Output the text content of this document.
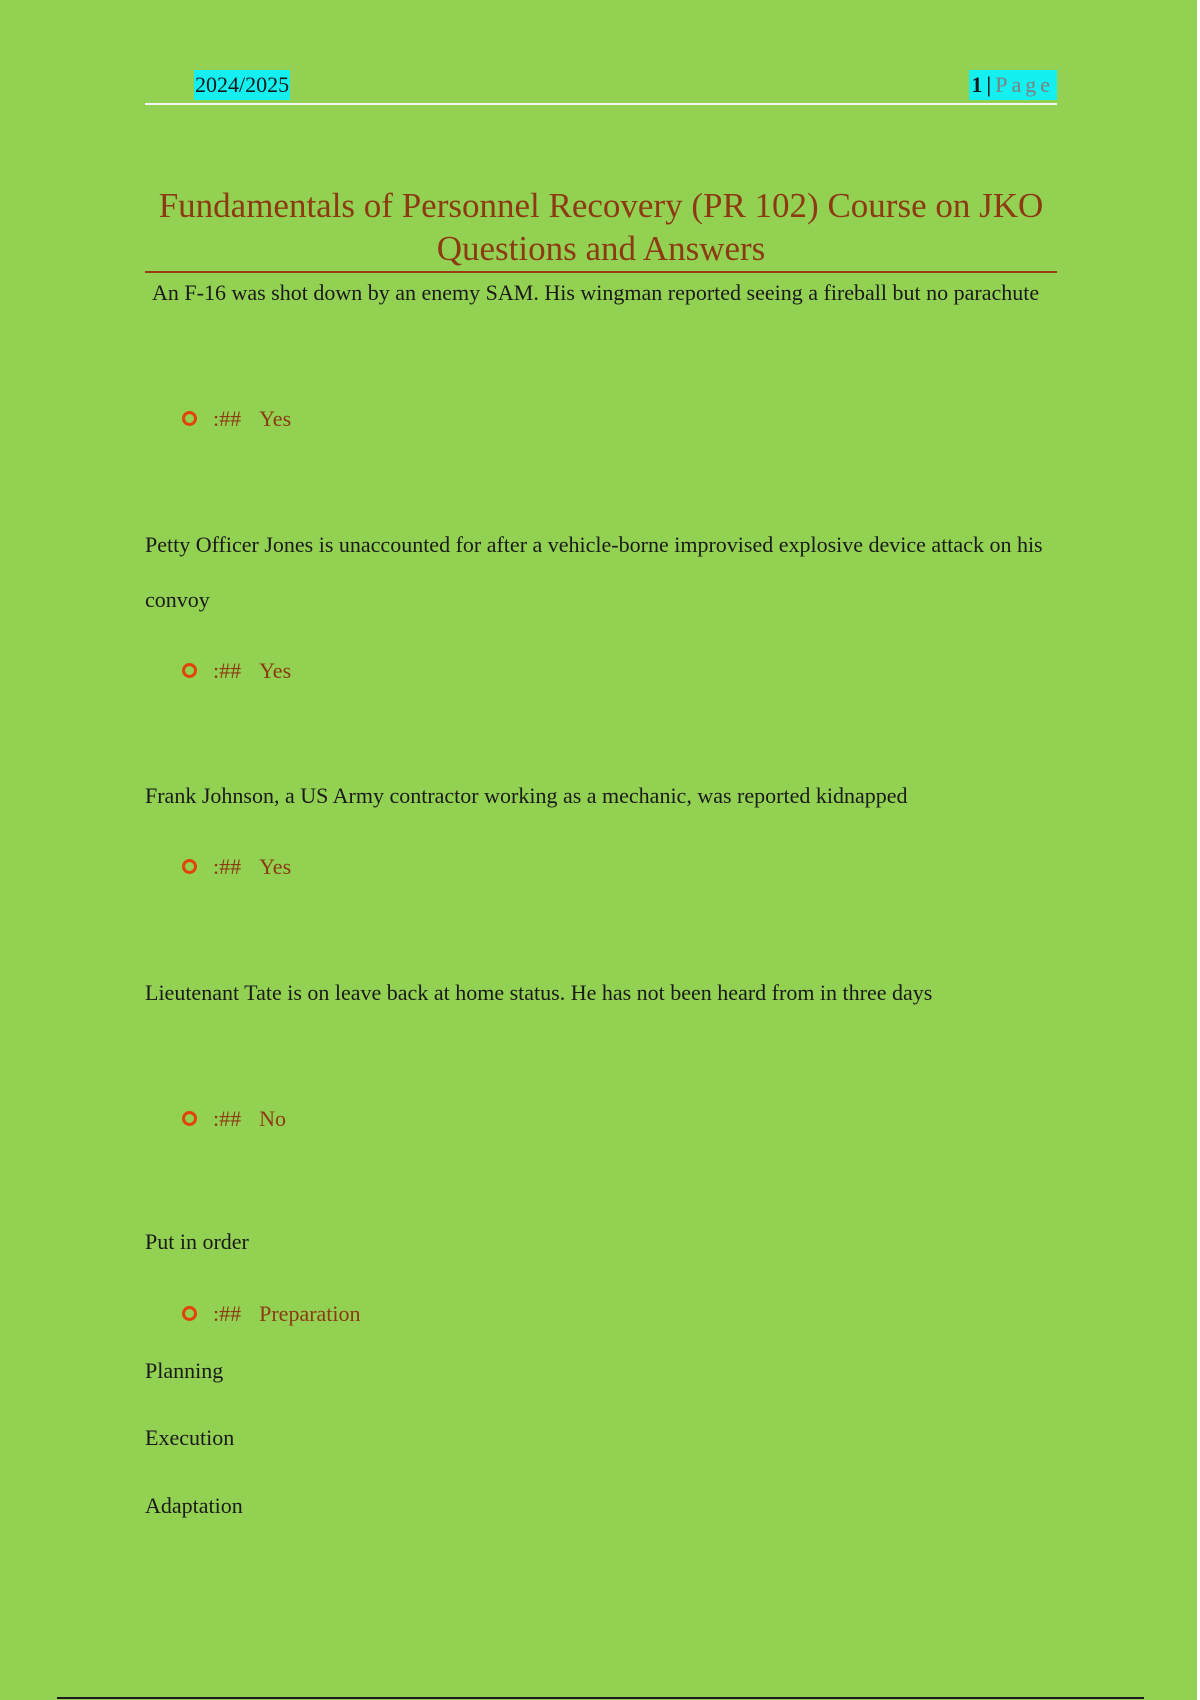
2024/2025	1 | Page
Fundamentals of Personnel Recovery (PR 102) Course on JKO Questions and Answers

An F-16 was shot down by an enemy SAM. His wingman reported seeing a fireball but no parachute

:## Yes

Petty Officer Jones is unaccounted for after a vehicle-borne improvised explosive device attack on his convoy

:## Yes

Frank Johnson, a US Army contractor working as a mechanic, was reported kidnapped

:## Yes

Lieutenant Tate is on leave back at home status. He has not been heard from in three days

:## No

Put in order

:## Preparation

Planning

Execution

Adaptation
